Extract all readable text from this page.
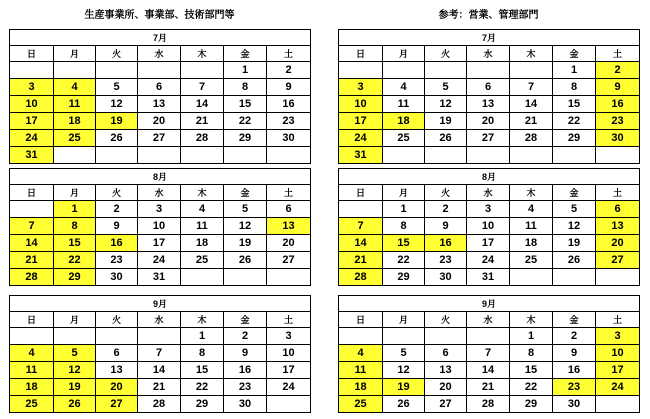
生産事業所、事業部、技術部門等
7月						
日	月	火	水	木	金	土
					1	2
3	4	5	6	7	8	9
10	11	12	13	14	15	16
17	18	19	20	21	22	23
24	25	26	27	28	29	30
31						
8月						
日	月	火	水	木	金	土
	1	2	3	4	5	6
7	8	9	10	11	12	13
14	15	16	17	18	19	20
21	22	23	24	25	26	27
28	29	30	31			
9月						
日	月	火	水	木	金	土
				1	2	3
4	5	6	7	8	9	10
11	12	13	14	15	16	17
18	19	20	21	22	23	24
25	26	27	28	29	30	
参考：営業、管理部門
7月						
日	月	火	水	木	金	土
					1	2
3	4	5	6	7	8	9
10	11	12	13	14	15	16
17	18	19	20	21	22	23
24	25	26	27	28	29	30
31						
8月						
日	月	火	水	木	金	土
	1	2	3	4	5	6
7	8	9	10	11	12	13
14	15	16	17	18	19	20
21	22	23	24	25	26	27
28	29	30	31			
9月						
日	月	火	水	木	金	土
				1	2	3
4	5	6	7	8	9	10
11	12	13	14	15	16	17
18	19	20	21	22	23	24
25	26	27	28	29	30	
